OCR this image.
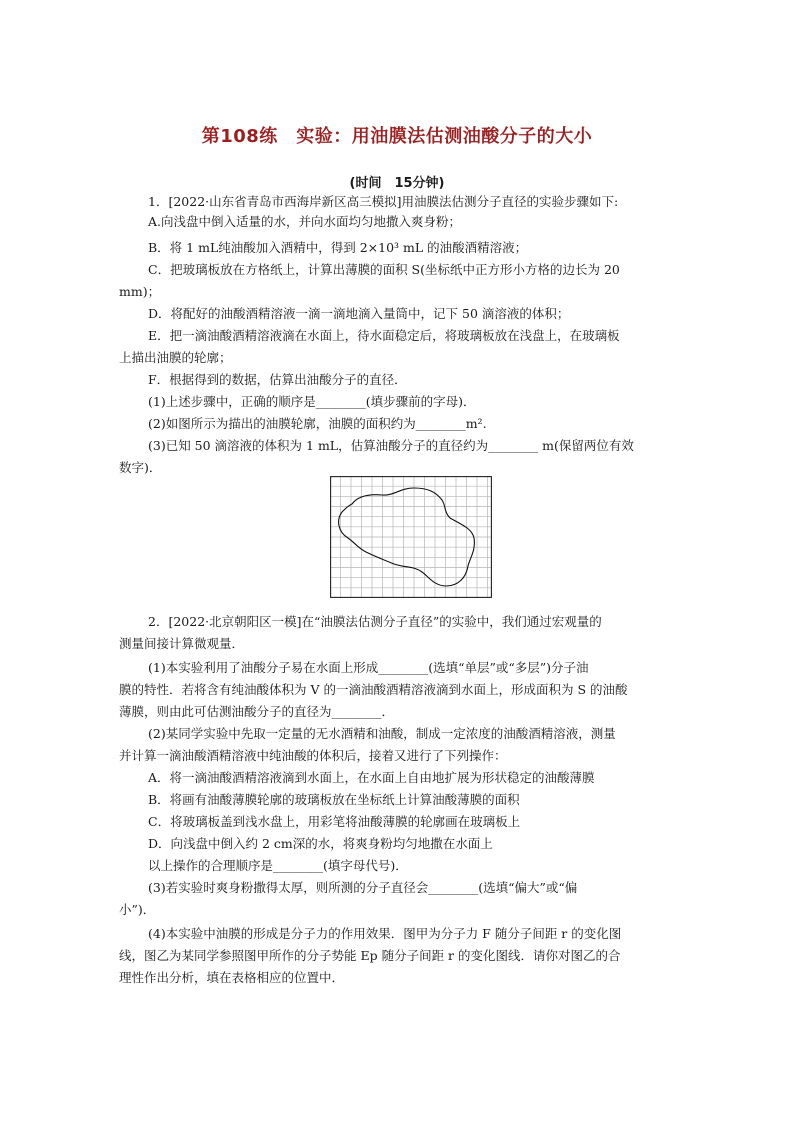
第108练　实验：用油膜法估测油酸分子的大小
(时间　15分钟)
1．[2022·山东省青岛市西海岸新区高三模拟]用油膜法估测分子直径的实验步骤如下:
A.向浅盘中倒入适量的水，并向水面均匀地撒入爽身粉；
B．将 1 mL纯油酸加入酒精中，得到 2×10³ mL 的油酸酒精溶液；
C．把玻璃板放在方格纸上，计算出薄膜的面积 S(坐标纸中正方形小方格的边长为 20
mm)；
D．将配好的油酸酒精溶液一滴一滴地滴入量筒中，记下 50 滴溶液的体积；
E．把一滴油酸酒精溶液滴在水面上，待水面稳定后，将玻璃板放在浅盘上，在玻璃板
上描出油膜的轮廓；
F．根据得到的数据，估算出油酸分子的直径．
(1)上述步骤中，正确的顺序是________(填步骤前的字母)．
(2)如图所示为描出的油膜轮廓，油膜的面积约为________m².
(3)已知 50 滴溶液的体积为 1 mL，估算油酸分子的直径约为________ m(保留两位有效
数字)．
2．[2022·北京朝阳区一模]在“油膜法估测分子直径”的实验中，我们通过宏观量的
测量间接计算微观量．
(1)本实验利用了油酸分子易在水面上形成________(选填“单层”或“多层”)分子油
膜的特性．若将含有纯油酸体积为 V 的一滴油酸酒精溶液滴到水面上，形成面积为 S 的油酸
薄膜，则由此可估测油酸分子的直径为________．
(2)某同学实验中先取一定量的无水酒精和油酸，制成一定浓度的油酸酒精溶液，测量
并计算一滴油酸酒精溶液中纯油酸的体积后，接着又进行了下列操作：
A．将一滴油酸酒精溶液滴到水面上，在水面上自由地扩展为形状稳定的油酸薄膜
B．将画有油酸薄膜轮廓的玻璃板放在坐标纸上计算油酸薄膜的面积
C．将玻璃板盖到浅水盘上，用彩笔将油酸薄膜的轮廓画在玻璃板上
D．向浅盘中倒入约 2 cm深的水，将爽身粉均匀地撒在水面上
以上操作的合理顺序是________(填字母代号)．
(3)若实验时爽身粉撒得太厚，则所测的分子直径会________(选填“偏大”或“偏
小”)．
(4)本实验中油膜的形成是分子力的作用效果．图甲为分子力 F 随分子间距 r 的变化图
线，图乙为某同学参照图甲所作的分子势能 Ep 随分子间距 r 的变化图线．请你对图乙的合
理性作出分析，填在表格相应的位置中．
